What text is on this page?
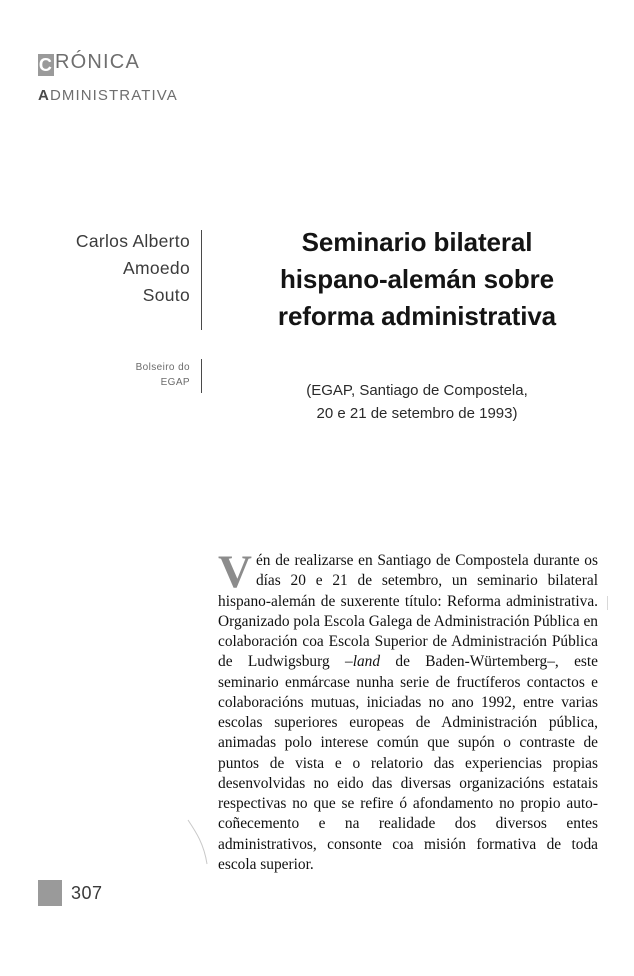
CRÓNICA
ADMINISTRATIVA
Carlos Alberto
Amoedo
Souto
Bolseiro do
EGAP
Seminario bilateral
hispano-alemán sobre
reforma administrativa
(EGAP, Santiago de Compostela,
20 e 21 de setembro de 1993)
Vén de realizarse en Santiago de Compostela durante os días 20 e 21 de setembro, un seminario bilateral hispano-alemán de suxerente título: Reforma administrativa. Organizado pola Escola Galega de Administración Pública en colaboración coa Escola Superior de Administración Pública de Ludwigsburg –land de Baden-Würtemberg–, este seminario enmárcase nunha serie de fructíferos contactos e colaboracións mutuas, iniciadas no ano 1992, entre varias escolas superiores europeas de Administración pública, animadas polo interese común que supón o contraste de puntos de vista e o relatorio das experiencias propias desenvolvidas no eido das diversas organizacións estatais respectivas no que se refire ó afondamento no propio auto-coñecemento e na realidade dos diversos entes administrativos, consonte coa misión formativa de toda escola superior.
307
